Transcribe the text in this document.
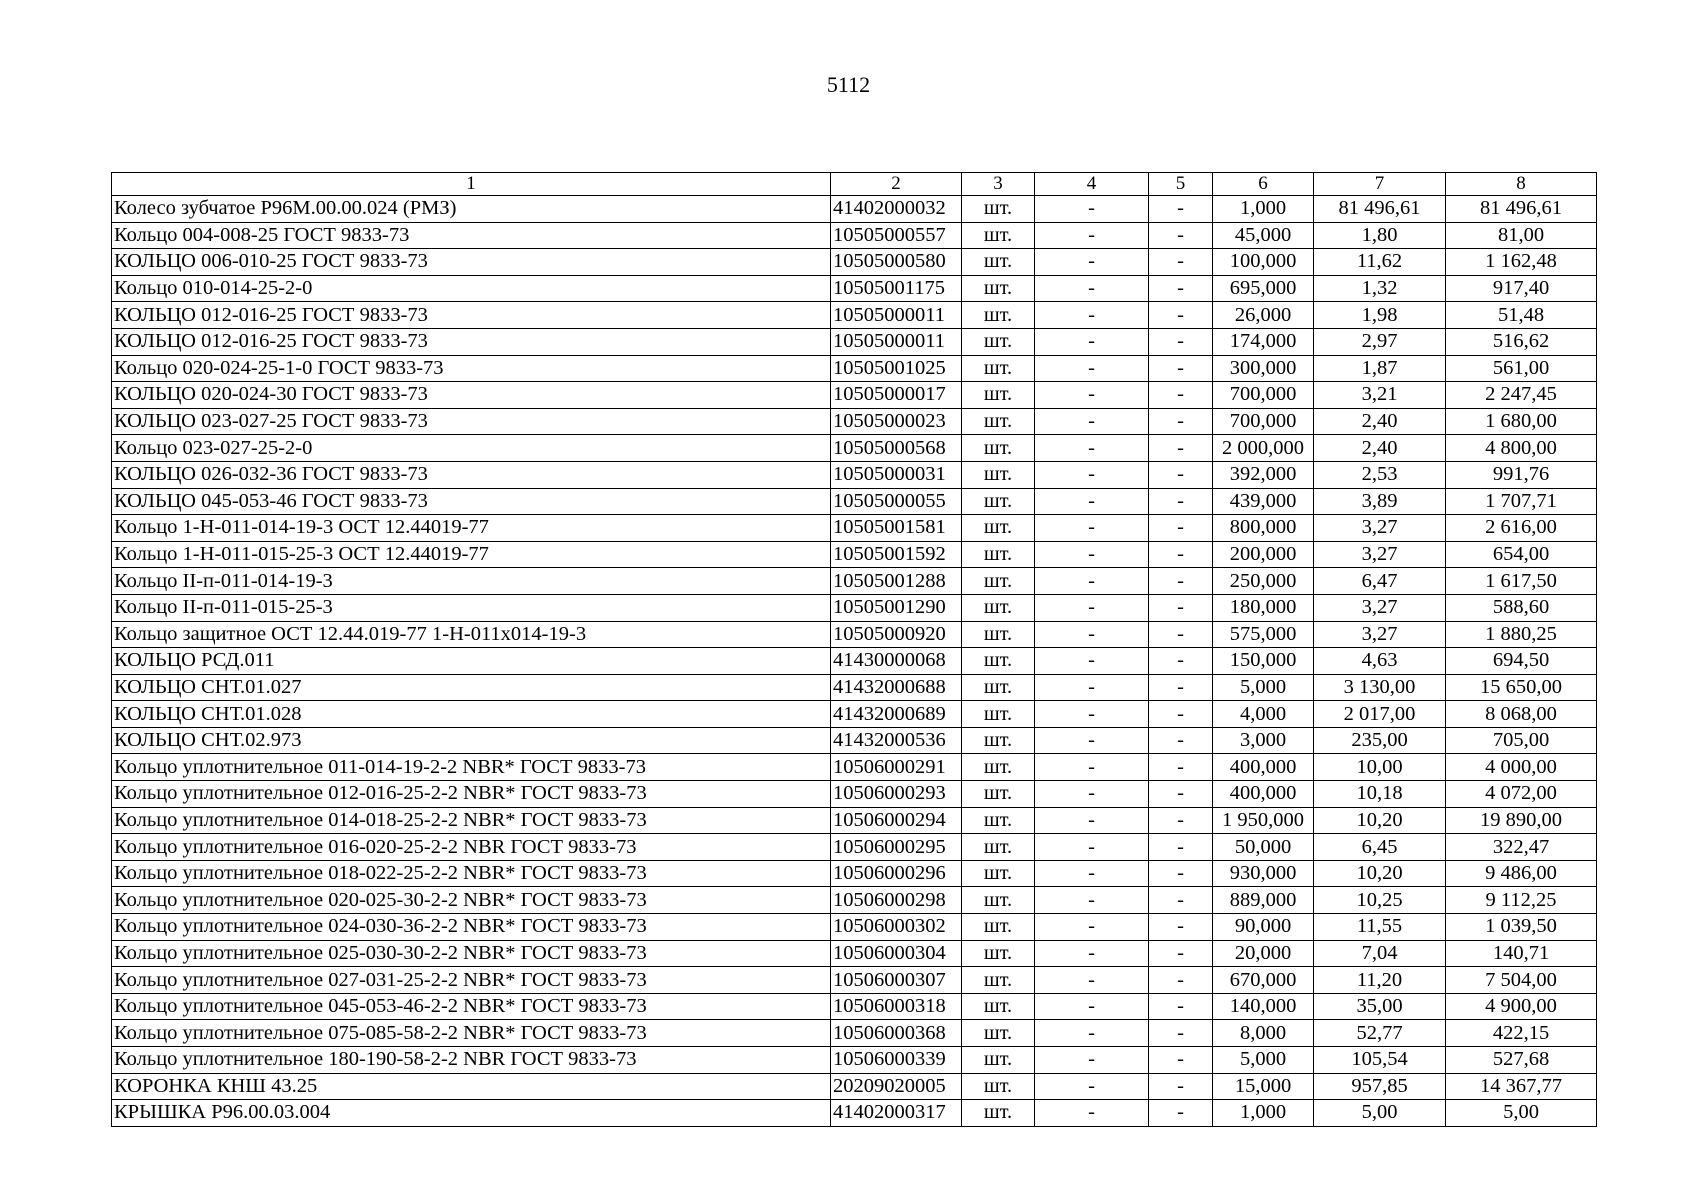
5112
1	2	3	4	5	6	7	8
Колесо зубчатое Р96М.00.00.024 (РМЗ)	41402000032	шт.	-	-	1,000	81 496,61	81 496,61
Кольцо 004-008-25 ГОСТ 9833-73	10505000557	шт.	-	-	45,000	1,80	81,00
КОЛЬЦО 006-010-25 ГОСТ 9833-73	10505000580	шт.	-	-	100,000	11,62	1 162,48
Кольцо 010-014-25-2-0	10505001175	шт.	-	-	695,000	1,32	917,40
КОЛЬЦО 012-016-25 ГОСТ 9833-73	10505000011	шт.	-	-	26,000	1,98	51,48
КОЛЬЦО 012-016-25 ГОСТ 9833-73	10505000011	шт.	-	-	174,000	2,97	516,62
Кольцо 020-024-25-1-0 ГОСТ 9833-73	10505001025	шт.	-	-	300,000	1,87	561,00
КОЛЬЦО 020-024-30 ГОСТ 9833-73	10505000017	шт.	-	-	700,000	3,21	2 247,45
КОЛЬЦО 023-027-25 ГОСТ 9833-73	10505000023	шт.	-	-	700,000	2,40	1 680,00
Кольцо 023-027-25-2-0	10505000568	шт.	-	-	2 000,000	2,40	4 800,00
КОЛЬЦО 026-032-36 ГОСТ 9833-73	10505000031	шт.	-	-	392,000	2,53	991,76
КОЛЬЦО 045-053-46 ГОСТ 9833-73	10505000055	шт.	-	-	439,000	3,89	1 707,71
Кольцо 1-Н-011-014-19-3 ОСТ 12.44019-77	10505001581	шт.	-	-	800,000	3,27	2 616,00
Кольцо 1-Н-011-015-25-3 ОСТ 12.44019-77	10505001592	шт.	-	-	200,000	3,27	654,00
Кольцо II-п-011-014-19-3	10505001288	шт.	-	-	250,000	6,47	1 617,50
Кольцо II-п-011-015-25-3	10505001290	шт.	-	-	180,000	3,27	588,60
Кольцо защитное ОСТ 12.44.019-77 1-Н-011х014-19-3	10505000920	шт.	-	-	575,000	3,27	1 880,25
КОЛЬЦО РСД.011	41430000068	шт.	-	-	150,000	4,63	694,50
КОЛЬЦО СНТ.01.027	41432000688	шт.	-	-	5,000	3 130,00	15 650,00
КОЛЬЦО СНТ.01.028	41432000689	шт.	-	-	4,000	2 017,00	8 068,00
КОЛЬЦО СНТ.02.973	41432000536	шт.	-	-	3,000	235,00	705,00
Кольцо уплотнительное 011-014-19-2-2 NBR* ГОСТ 9833-73	10506000291	шт.	-	-	400,000	10,00	4 000,00
Кольцо уплотнительное 012-016-25-2-2 NBR* ГОСТ 9833-73	10506000293	шт.	-	-	400,000	10,18	4 072,00
Кольцо уплотнительное 014-018-25-2-2 NBR* ГОСТ 9833-73	10506000294	шт.	-	-	1 950,000	10,20	19 890,00
Кольцо уплотнительное 016-020-25-2-2 NBR ГОСТ 9833-73	10506000295	шт.	-	-	50,000	6,45	322,47
Кольцо уплотнительное 018-022-25-2-2 NBR* ГОСТ 9833-73	10506000296	шт.	-	-	930,000	10,20	9 486,00
Кольцо уплотнительное 020-025-30-2-2 NBR* ГОСТ 9833-73	10506000298	шт.	-	-	889,000	10,25	9 112,25
Кольцо уплотнительное 024-030-36-2-2 NBR* ГОСТ 9833-73	10506000302	шт.	-	-	90,000	11,55	1 039,50
Кольцо уплотнительное 025-030-30-2-2 NBR* ГОСТ 9833-73	10506000304	шт.	-	-	20,000	7,04	140,71
Кольцо уплотнительное 027-031-25-2-2 NBR* ГОСТ 9833-73	10506000307	шт.	-	-	670,000	11,20	7 504,00
Кольцо уплотнительное 045-053-46-2-2 NBR* ГОСТ 9833-73	10506000318	шт.	-	-	140,000	35,00	4 900,00
Кольцо уплотнительное 075-085-58-2-2 NBR* ГОСТ 9833-73	10506000368	шт.	-	-	8,000	52,77	422,15
Кольцо уплотнительное 180-190-58-2-2 NBR ГОСТ 9833-73	10506000339	шт.	-	-	5,000	105,54	527,68
КОРОНКА КНШ 43.25	20209020005	шт.	-	-	15,000	957,85	14 367,77
КРЫШКА Р96.00.03.004	41402000317	шт.	-	-	1,000	5,00	5,00
